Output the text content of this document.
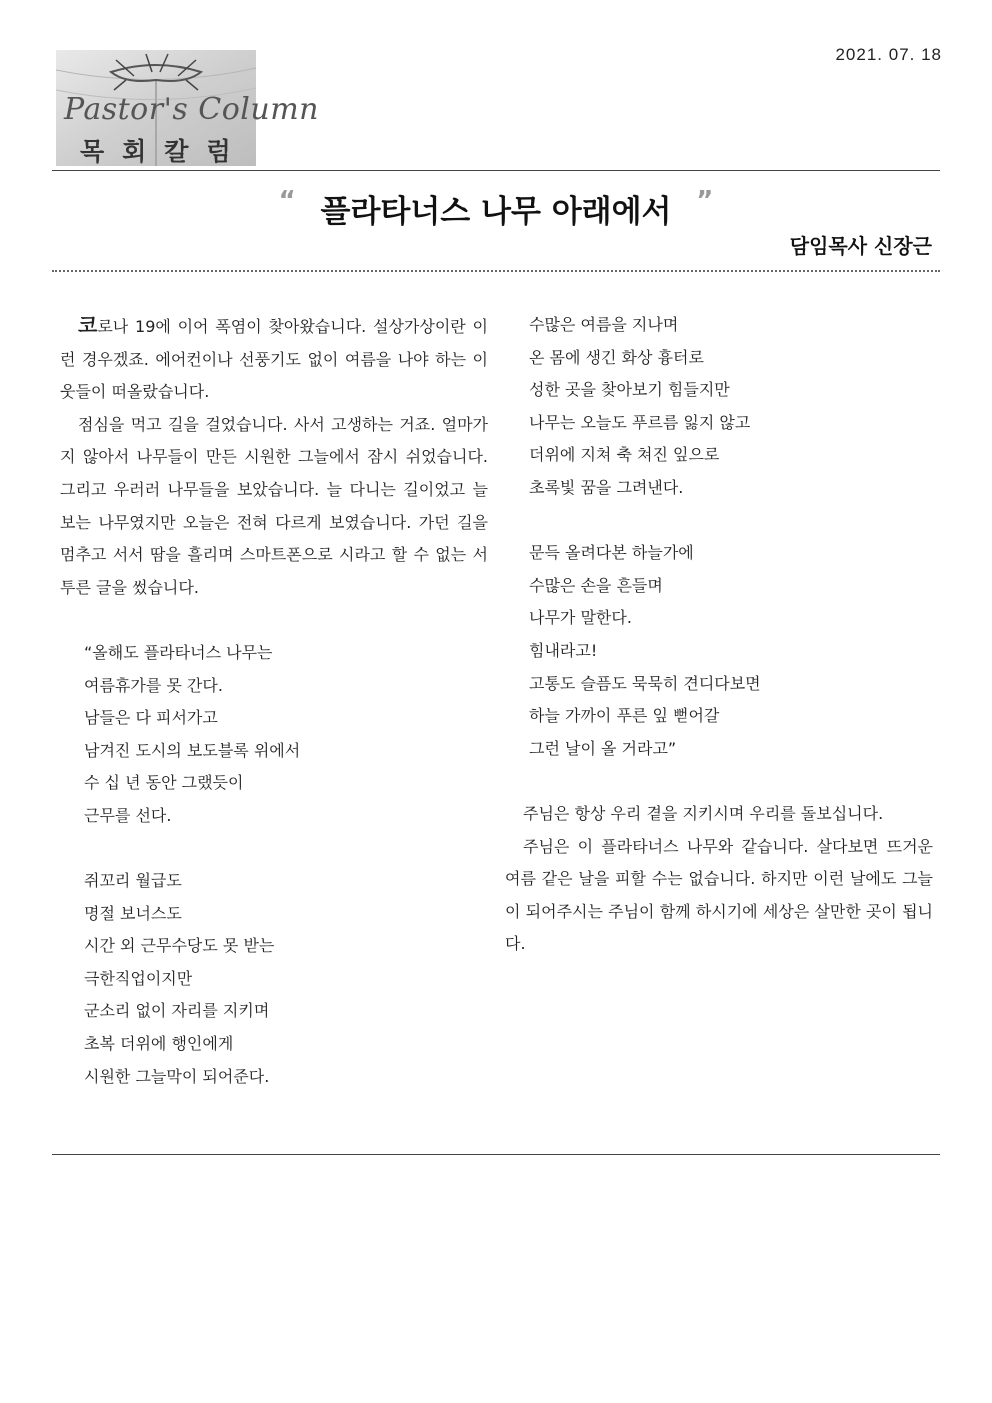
2021. 07. 18
Pastor's Column
목회칼럼
“ 플라타너스 나무 아래에서 ”
담임목사 신장근

코로나 19에 이어 폭염이 찾아왔습니다. 설상가상이란 이런 경우겠죠. 에어컨이나 선풍기도 없이 여름을 나야 하는 이웃들이 떠올랐습니다.

점심을 먹고 길을 걸었습니다. 사서 고생하는 거죠. 얼마가지 않아서 나무들이 만든 시원한 그늘에서 잠시 쉬었습니다. 그리고 우러러 나무들을 보았습니다. 늘 다니는 길이었고 늘 보는 나무였지만 오늘은 전혀 다르게 보였습니다. 가던 길을 멈추고 서서 땀을 흘리며 스마트폰으로 시라고 할 수 없는 서투른 글을 썼습니다.

“올해도 플라타너스 나무는
여름휴가를 못 간다.
남들은 다 피서가고
남겨진 도시의 보도블록 위에서
수 십 년 동안 그랬듯이
근무를 선다.
쥐꼬리 월급도
명절 보너스도
시간 외 근무수당도 못 받는
극한직업이지만
군소리 없이 자리를 지키며
초복 더위에 행인에게
시원한 그늘막이 되어준다.
수많은 여름을 지나며
온 몸에 생긴 화상 흉터로
성한 곳을 찾아보기 힘들지만
나무는 오늘도 푸르름 잃지 않고
더위에 지쳐 축 쳐진 잎으로
초록빛 꿈을 그려낸다.
문득 올려다본 하늘가에
수많은 손을 흔들며
나무가 말한다.
힘내라고!
고통도 슬픔도 묵묵히 견디다보면
하늘 가까이 푸른 잎 뻗어갈
그런 날이 올 거라고”

주님은 항상 우리 곁을 지키시며 우리를 돌보십니다.

주님은 이 플라타너스 나무와 같습니다. 살다보면 뜨거운 여름 같은 날을 피할 수는 없습니다. 하지만 이런 날에도 그늘이 되어주시는 주님이 함께 하시기에 세상은 살만한 곳이 됩니다.
